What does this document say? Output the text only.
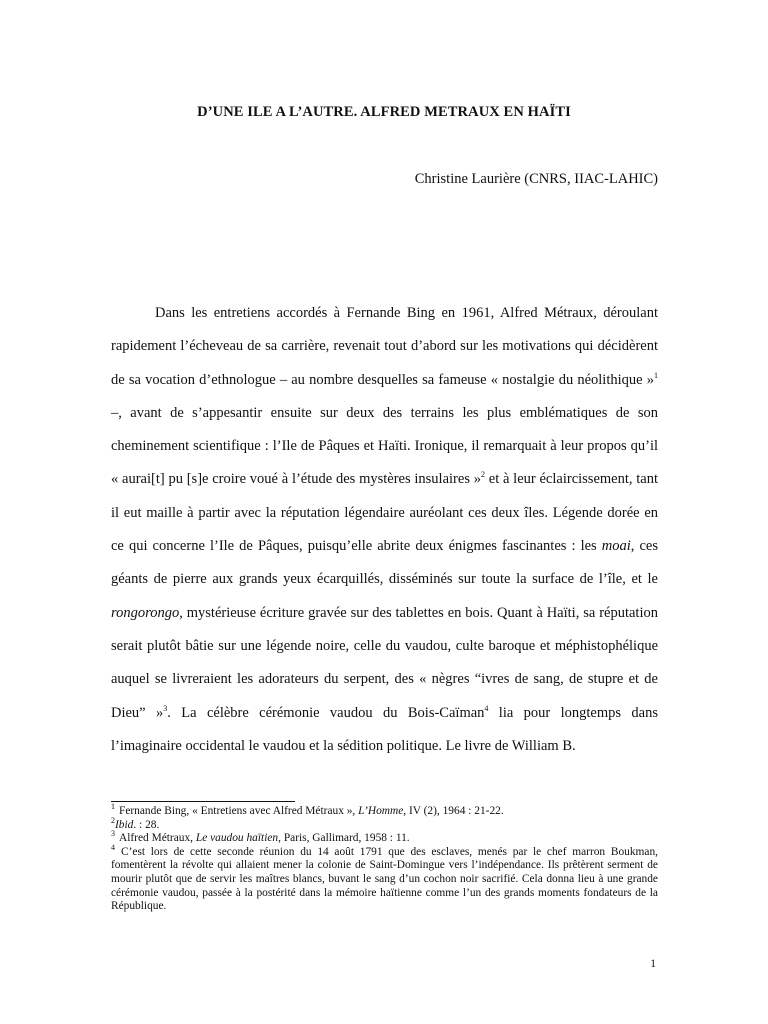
D’UNE ILE A L’AUTRE. ALFRED METRAUX EN HAÏTI
Christine Laurière (CNRS, IIAC-LAHIC)

Dans les entretiens accordés à Fernande Bing en 1961, Alfred Métraux, déroulant rapidement l’écheveau de sa carrière, revenait tout d’abord sur les motivations qui décidèrent de sa vocation d’ethnologue – au nombre desquelles sa fameuse « nostalgie du néolithique »$^1$ –, avant de s’appesantir ensuite sur deux des terrains les plus emblématiques de son cheminement scientifique : l’Ile de Pâques et Haïti. Ironique, il remarquait à leur propos qu’il « aurai[t] pu [s]e croire voué à l’étude des mystères insulaires »$^2$ et à leur éclaircissement, tant il eut maille à partir avec la réputation légendaire auréolant ces deux îles. Légende dorée en ce qui concerne l’Ile de Pâques, puisqu’elle abrite deux énigmes fascinantes : les moai, ces géants de pierre aux grands yeux écarquillés, disséminés sur toute la surface de l’île, et le rongorongo, mystérieuse écriture gravée sur des tablettes en bois. Quant à Haïti, sa réputation serait plutôt bâtie sur une légende noire, celle du vaudou, culte baroque et méphistophélique auquel se livreraient les adorateurs du serpent, des « nègres “ivres de sang, de stupre et de Dieu” »$^3$. La célèbre cérémonie vaudou du Bois-Caïman$^4$ lia pour longtemps dans l’imaginaire occidental le vaudou et la sédition politique. Le livre de William B.

$^1$ Fernande Bing, « Entretiens avec Alfred Métraux », L’Homme, IV (2), 1964 : 21-22.

$^2$Ibid. : 28.

$^3$ Alfred Métraux, Le vaudou haïtien, Paris, Gallimard, 1958 : 11.

$^4$ C’est lors de cette seconde réunion du 14 août 1791 que des esclaves, menés par le chef marron Boukman, fomentèrent la révolte qui allaient mener la colonie de Saint-Domingue vers l’indépendance. Ils prêtèrent serment de mourir plutôt que de servir les maîtres blancs, buvant le sang d’un cochon noir sacrifié. Cela donna lieu à une grande cérémonie vaudou, passée à la postérité dans la mémoire haïtienne comme l’un des grands moments fondateurs de la République.

1
